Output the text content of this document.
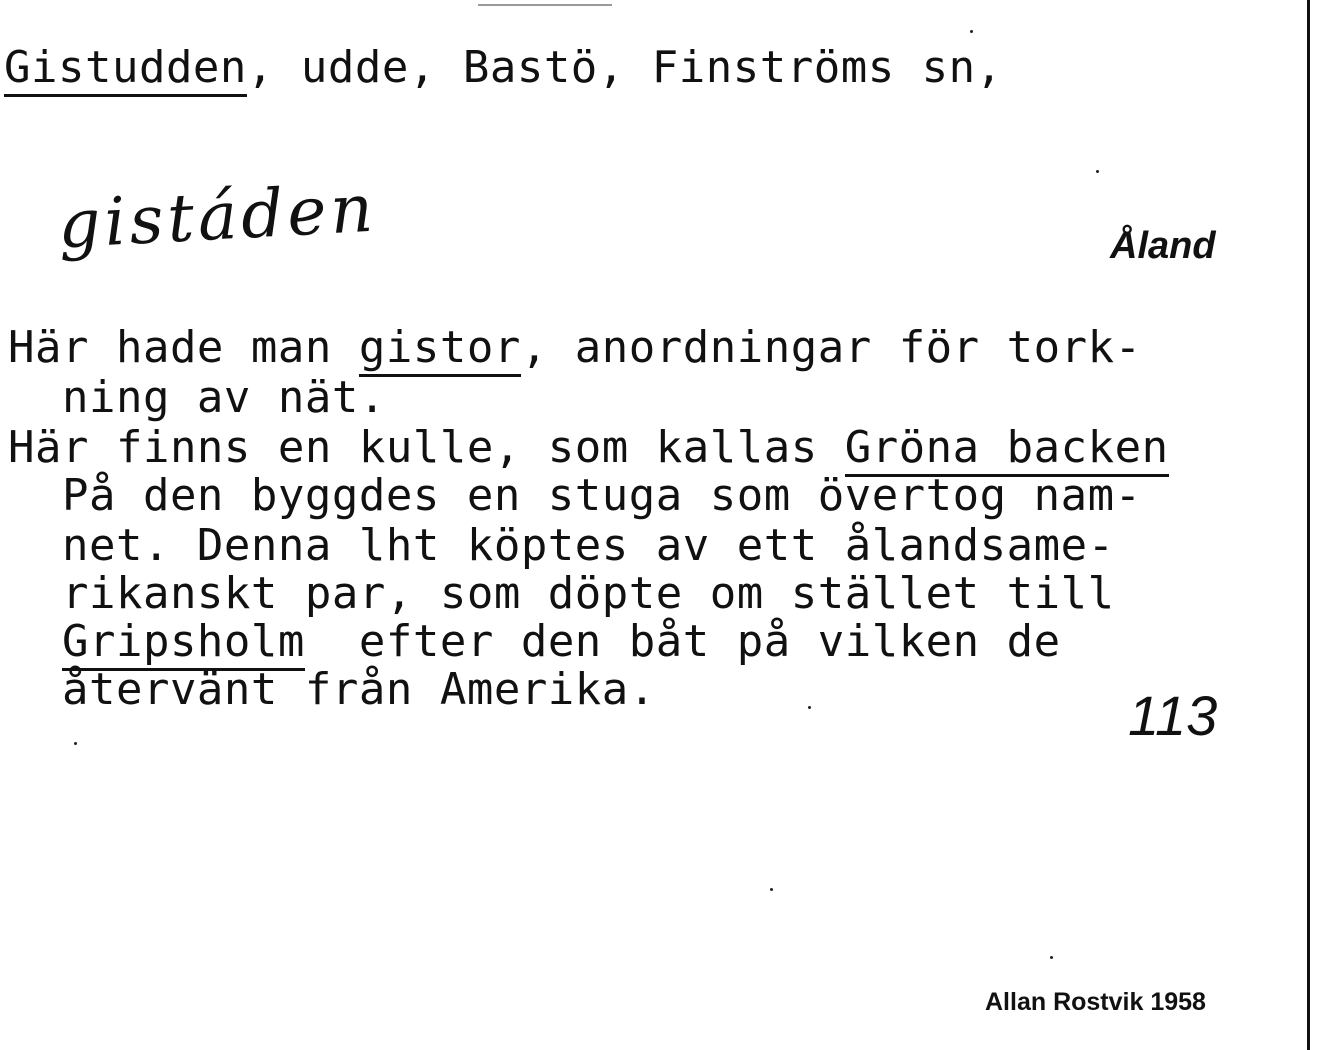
Gistudden, udde, Bastö, Finströms sn,
gistáden	Åland
Här hade man gistor, anordningar för tork-
ning av nät.
Här finns en kulle, som kallas Gröna backen
På den byggdes en stuga som övertog nam-
net. Denna lht köptes av ett ålandsame-
rikanskt par, som döpte om stället till
Gripsholm  efter den båt på vilken de
återvänt från Amerika.	113
Allan Rostvik 1958
